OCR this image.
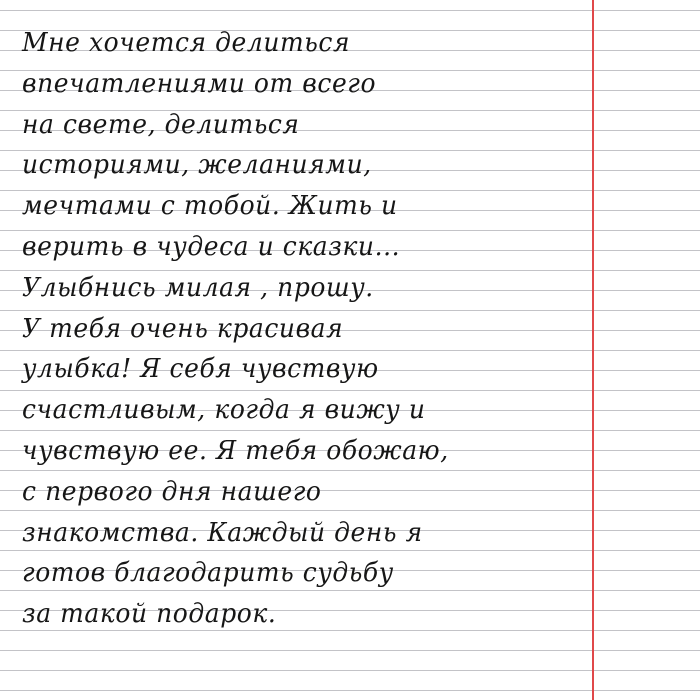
Мне хочется делиться
впечатлениями от всего
на свете, делиться
историями, желаниями,
мечтами с тобой. Жить и
верить в чудеса и сказки...
Улыбнись милая , прошу.
У тебя очень красивая
улыбка! Я себя чувствую
счастливым, когда я вижу и
чувствую ее. Я тебя обожаю,
с первого дня нашего
знакомства. Каждый день я
готов благодарить судьбу
за такой подарок.
